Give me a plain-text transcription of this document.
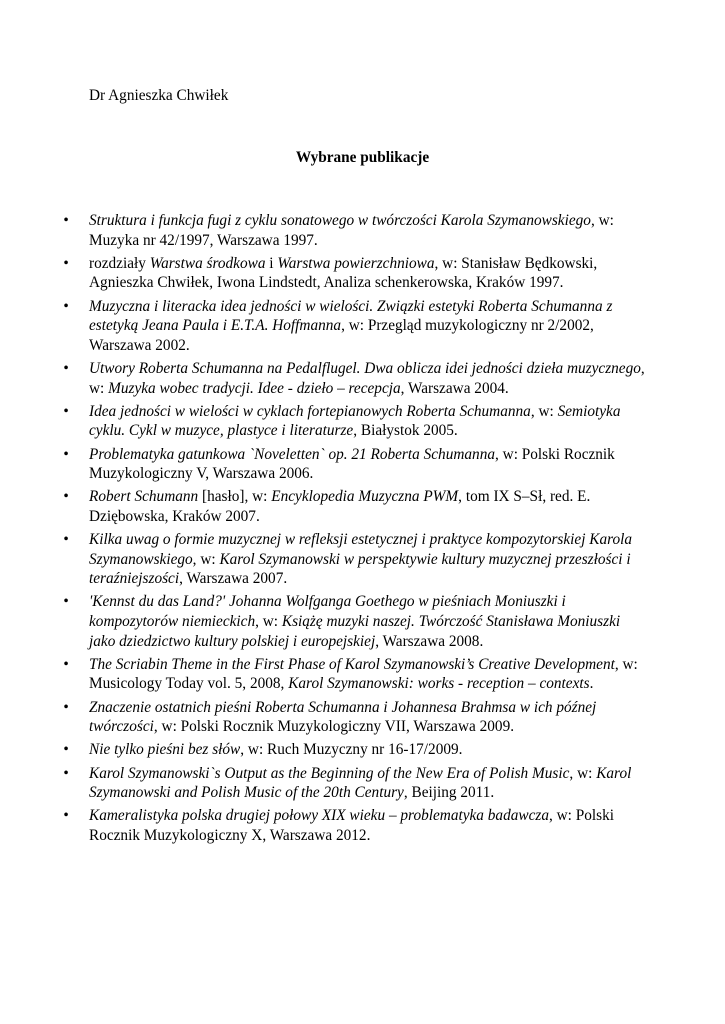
Dr Agnieszka Chwiłek
Wybrane publikacje
• Struktura i funkcja fugi z cyklu sonatowego w twórczości Karola Szymanowskiego, w: Muzyka nr 42/1997, Warszawa 1997.
• rozdziały Warstwa środkowa i Warstwa powierzchniowa, w: Stanisław Będkowski, Agnieszka Chwiłek, Iwona Lindstedt, Analiza schenkerowska, Kraków 1997.
• Muzyczna i literacka idea jedności w wielości. Związki estetyki Roberta Schumanna z estetyką Jeana Paula i E.T.A. Hoffmanna, w: Przegląd muzykologiczny nr 2/2002, Warszawa 2002.
• Utwory Roberta Schumanna na Pedalflugel. Dwa oblicza idei jedności dzieła muzycznego, w: Muzyka wobec tradycji. Idee - dzieło – recepcja, Warszawa 2004.
• Idea jedności w wielości w cyklach fortepianowych Roberta Schumanna, w: Semiotyka cyklu. Cykl w muzyce, plastyce i literaturze, Białystok 2005.
• Problematyka gatunkowa `Noveletten` op. 21 Roberta Schumanna, w: Polski Rocznik Muzykologiczny V, Warszawa 2006.
• Robert Schumann [hasło], w: Encyklopedia Muzyczna PWM, tom IX S–Sł, red. E. Dziębowska, Kraków 2007.
• Kilka uwag o formie muzycznej w refleksji estetycznej i praktyce kompozytorskiej Karola Szymanowskiego, w: Karol Szymanowski w perspektywie kultury muzycznej przeszłości i teraźniejszości, Warszawa 2007.
• 'Kennst du das Land?' Johanna Wolfganga Goethego w pieśniach Moniuszki i kompozytorów niemieckich, w: Książę muzyki naszej. Twórczość Stanisława Moniuszki jako dziedzictwo kultury polskiej i europejskiej, Warszawa 2008.
• The Scriabin Theme in the First Phase of Karol Szymanowski’s Creative Development, w: Musicology Today vol. 5, 2008, Karol Szymanowski: works - reception – contexts.
• Znaczenie ostatnich pieśni Roberta Schumanna i Johannesa Brahmsa w ich późnej twórczości, w: Polski Rocznik Muzykologiczny VII, Warszawa 2009.
• Nie tylko pieśni bez słów, w: Ruch Muzyczny nr 16-17/2009.
• Karol Szymanowski`s Output as the Beginning of the New Era of Polish Music, w: Karol Szymanowski and Polish Music of the 20th Century, Beijing 2011.
• Kameralistyka polska drugiej połowy XIX wieku – problematyka badawcza, w: Polski Rocznik Muzykologiczny X, Warszawa 2012.
